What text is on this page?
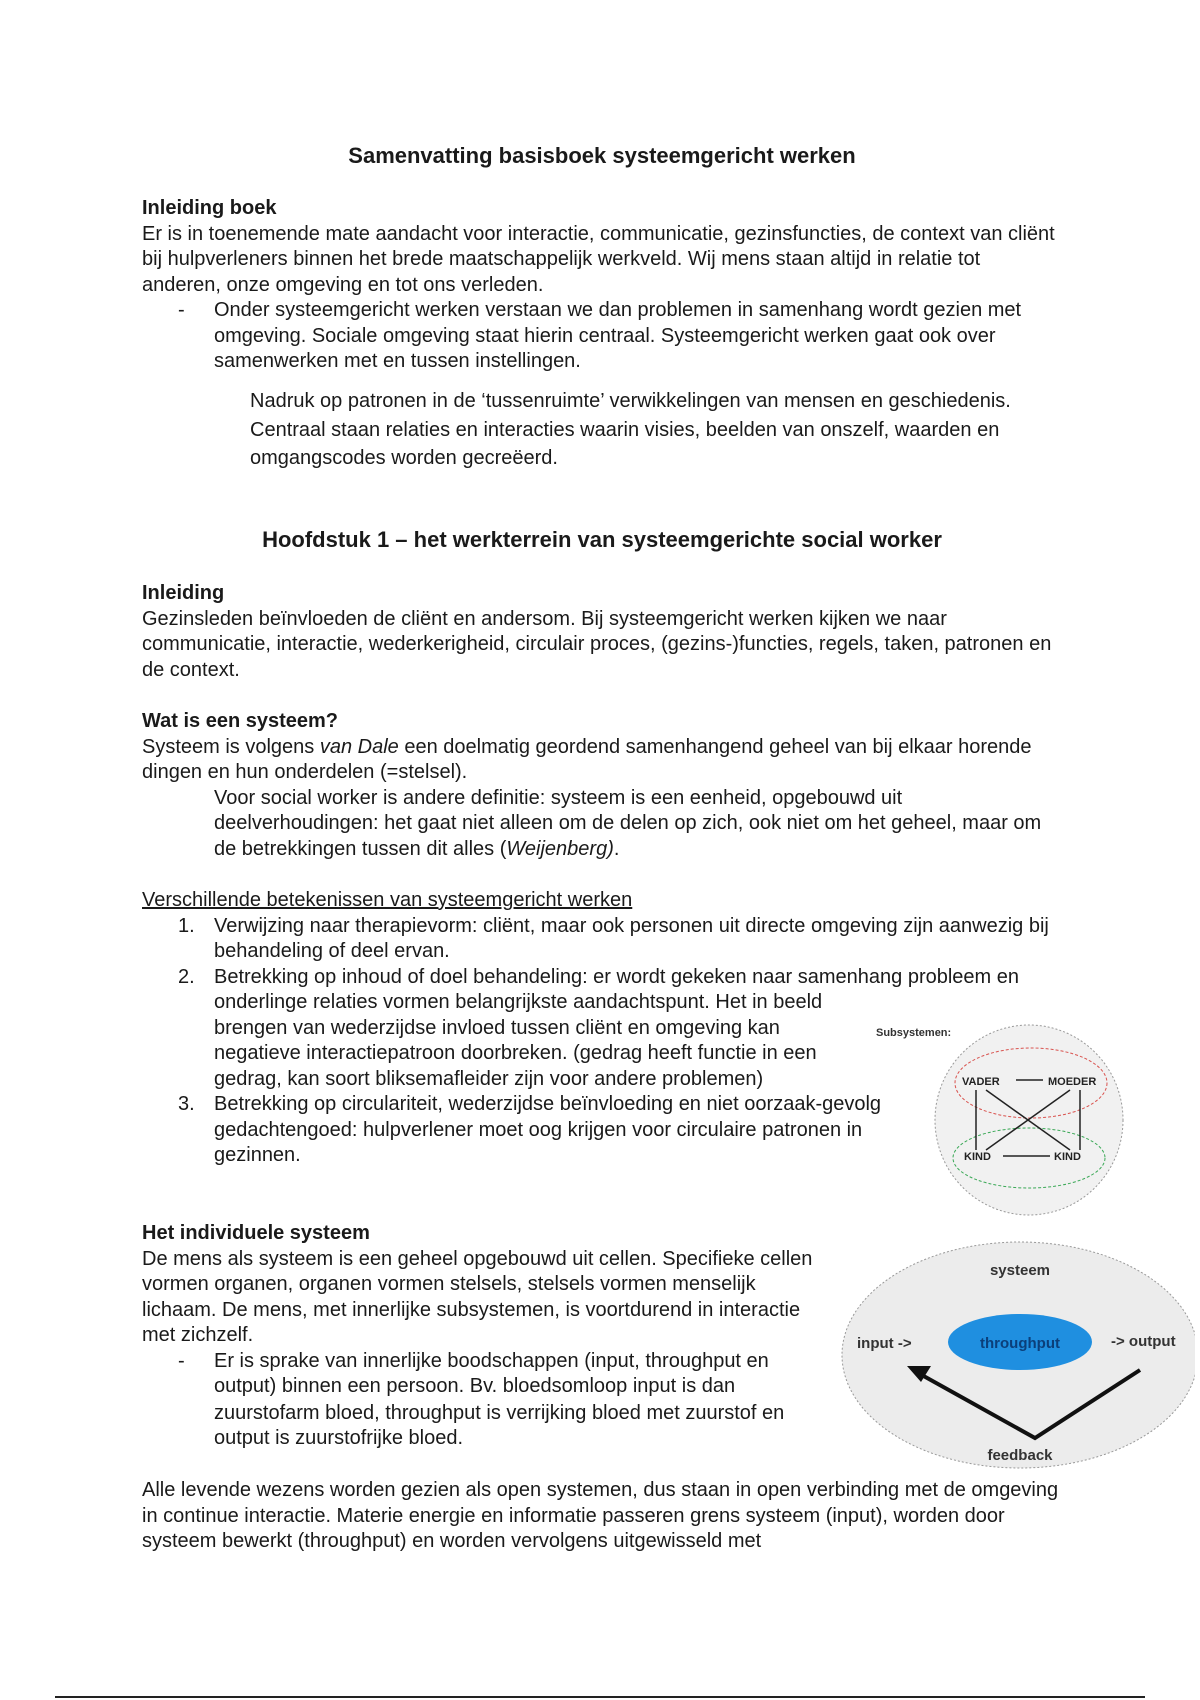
Samenvatting basisboek systeemgericht werken

Inleiding boek

Er is in toenemende mate aandacht voor interactie, communicatie, gezinsfuncties, de context van cliënt bij hulpverleners binnen het brede maatschappelijk werkveld. Wij mens staan altijd in relatie tot anderen, onze omgeving en tot ons verleden.

- Onder systeemgericht werken verstaan we dan problemen in samenhang wordt gezien met omgeving. Sociale omgeving staat hierin centraal. Systeemgericht werken gaat ook over samenwerken met en tussen instellingen.
Nadruk op patronen in de ‘tussenruimte’ verwikkelingen van mensen en geschiedenis. Centraal staan relaties en interacties waarin visies, beelden van onszelf, waarden en omgangscodes worden gecreëerd.
Hoofdstuk 1 – het werkterrein van systeemgerichte social worker

Inleiding

Gezinsleden beïnvloeden de cliënt en andersom. Bij systeemgericht werken kijken we naar communicatie, interactie, wederkerigheid, circulair proces, (gezins-)functies, regels, taken, patronen en de context.

Wat is een systeem?

Systeem is volgens van Dale een doelmatig geordend samenhangend geheel van bij elkaar horende dingen en hun onderdelen (=stelsel).

Voor social worker is andere definitie: systeem is een eenheid, opgebouwd uit deelverhoudingen: het gaat niet alleen om de delen op zich, ook niet om het geheel, maar om de betrekkingen tussen dit alles (Weijenberg).

Verschillende betekenissen van systeemgericht werken

1. Verwijzing naar therapievorm: cliënt, maar ook personen uit directe omgeving zijn aanwezig bij behandeling of deel ervan.
2. Betrekking op inhoud of doel behandeling: er wordt gekeken naar samenhang probleem en onderlinge relaties vormen belangrijkste aandachtspunt. Het in beeld
brengen van wederzijdse invloed tussen cliënt en omgeving kan negatieve interactiepatroon doorbreken. (gedrag heeft functie in een gedrag, kan soort bliksemafleider zijn voor andere problemen)
3. Betrekking op circulariteit, wederzijdse beïnvloeding en niet oorzaak-gevolg gedachtengoed: hulpverlener moet oog krijgen voor circulaire patronen in gezinnen.

Het individuele systeem

De mens als systeem is een geheel opgebouwd uit cellen. Specifieke cellen vormen organen, organen vormen stelsels, stelsels vormen menselijk lichaam. De mens, met innerlijke subsystemen, is voortdurend in interactie met zichzelf.

- Er is sprake van innerlijke boodschappen (input, throughput en output) binnen een persoon. Bv. bloedsomloop input is dan zuurstofarm bloed, throughput is verrijking bloed met zuurstof en output is zuurstofrijke bloed.

Alle levende wezens worden gezien als open systemen, dus staan in open verbinding met de omgeving in continue interactie. Materie energie en informatie passeren grens systeem (input), worden door systeem bewerkt (throughput) en worden vervolgens uitgewisseld met

Subsystemen:
VADER	MOEDER
KIND	KIND
systeem
throughput
input ->	-> output
feedback
